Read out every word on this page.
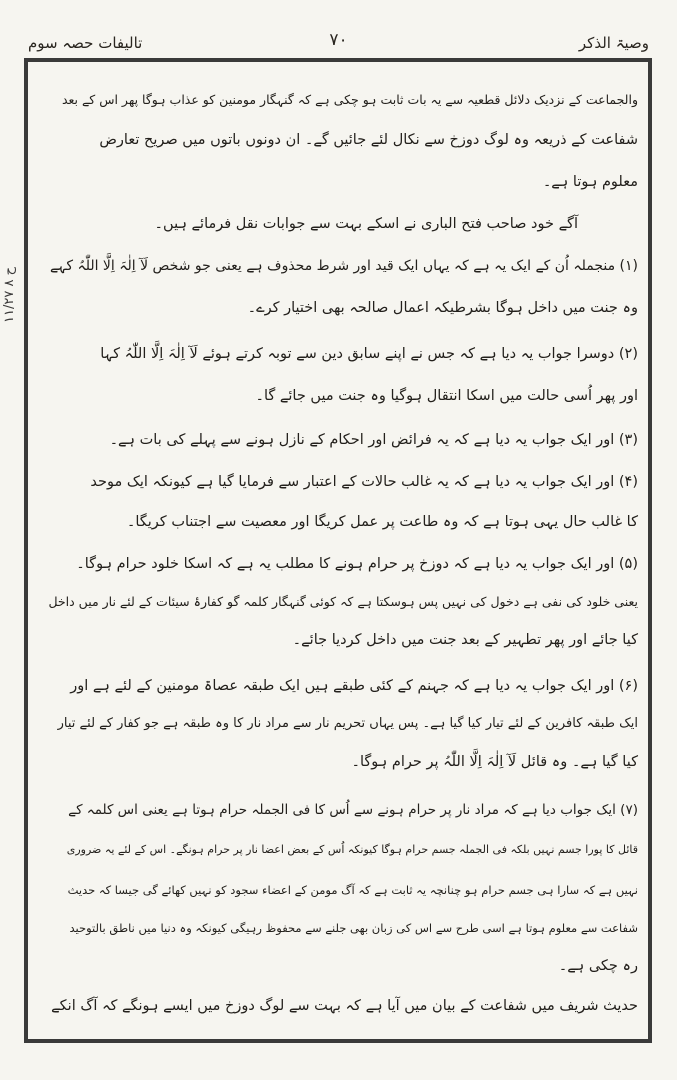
وصیۃ الذکر
۷۰
تالیفات حصہ سوم
۱۱/۲۷ ح ۸
والجماعت کے نزدیک دلائل قطعیہ سے یہ بات ثابت ہو چکی ہے کہ گنہگار مومنین کو عذاب ہوگا پھر اس کے بعد
شفاعت کے ذریعہ وہ لوگ دوزخ سے نکال لئے جائیں گے۔ ان دونوں باتوں میں صریح تعارض
معلوم ہوتا ہے۔
آگے خود صاحب فتح الباری نے اسکے بہت سے جوابات نقل فرمائے ہیں۔
(۱) منجملہ اُن کے ایک یہ ہے کہ یہاں ایک قید اور شرط محذوف ہے یعنی جو شخص لَآ اِلٰہَ اِلَّا اللّٰہُ کہے
وہ جنت میں داخل ہوگا بشرطیکہ اعمال صالحہ بھی اختیار کرے۔
(۲) دوسرا جواب یہ دیا ہے کہ جس نے اپنے سابق دین سے توبہ کرتے ہوئے لَآ اِلٰہَ اِلَّا اللّٰہُ کہا
اور پھر اُسی حالت میں اسکا انتقال ہوگیا وہ جنت میں جائے گا۔
(۳) اور ایک جواب یہ دیا ہے کہ یہ فرائض اور احکام کے نازل ہونے سے پہلے کی بات ہے۔
(۴) اور ایک جواب یہ دیا ہے کہ یہ غالب حالات کے اعتبار سے فرمایا گیا ہے کیونکہ ایک موحد
کا غالب حال یہی ہوتا ہے کہ وہ طاعت پر عمل کریگا اور معصیت سے اجتناب کریگا۔
(۵) اور ایک جواب یہ دیا ہے کہ دوزخ پر حرام ہونے کا مطلب یہ ہے کہ اسکا خلود حرام ہوگا۔
یعنی خلود کی نفی ہے دخول کی نہیں پس ہوسکتا ہے کہ کوئی گنہگار کلمہ گو کفارۂ سیئات کے لئے نار میں داخل
کیا جائے اور پھر تطہیر کے بعد جنت میں داخل کردیا جائے۔
(۶) اور ایک جواب یہ دیا ہے کہ جہنم کے کئی طبقے ہیں ایک طبقہ عصاۃ مومنین کے لئے ہے اور
ایک طبقہ کافرین کے لئے تیار کیا گیا ہے۔ پس یہاں تحریم نار سے مراد نار کا وہ طبقہ ہے جو کفار کے لئے تیار
کیا گیا ہے۔ وہ قائل لَآ اِلٰہَ اِلَّا اللّٰہُ پر حرام ہوگا۔
(۷) ایک جواب دیا ہے کہ مراد نار پر حرام ہونے سے اُس کا فی الجملہ حرام ہوتا ہے یعنی اس کلمہ کے
قائل کا پورا جسم نہیں بلکہ فی الجملہ جسم حرام ہوگا کیونکہ اُس کے بعض اعضا نار پر حرام ہونگے۔ اس کے لئے یہ ضروری
نہیں ہے کہ سارا ہی جسم حرام ہو چنانچہ یہ ثابت ہے کہ آگ مومن کے اعضاء سجود کو نہیں کھائے گی جیسا کہ حدیث
شفاعت سے معلوم ہوتا ہے اسی طرح سے اس کی زبان بھی جلنے سے محفوظ رہیگی کیونکہ وہ دنیا میں ناطق بالتوحید
رہ چکی ہے۔
حدیث شریف میں شفاعت کے بیان میں آیا ہے کہ بہت سے لوگ دوزخ میں ایسے ہونگے کہ آگ انکے
